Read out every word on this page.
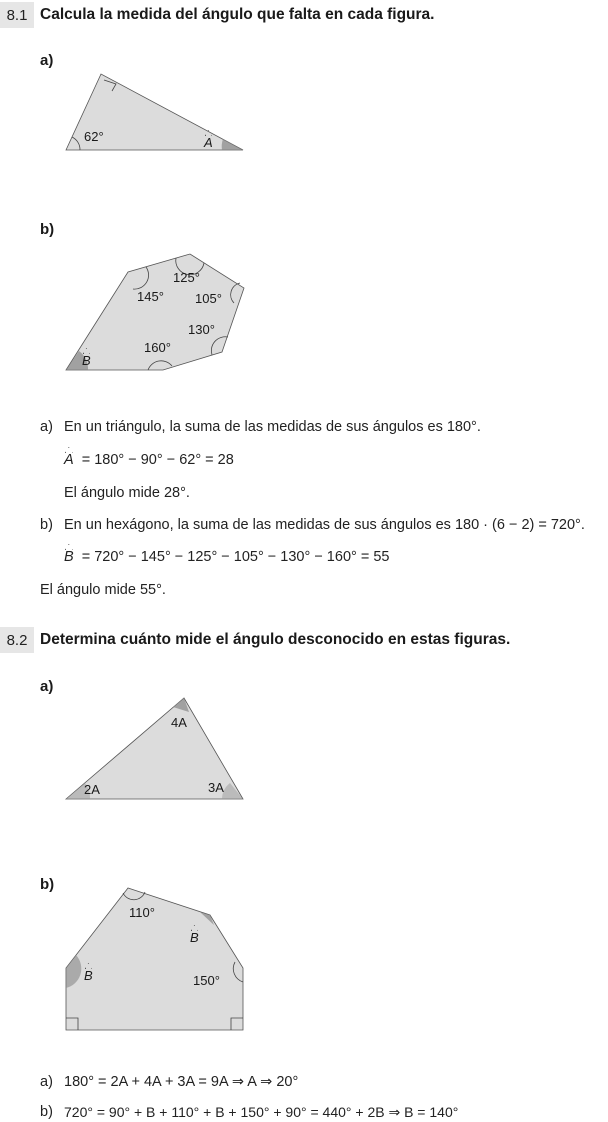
8.1 Calcula la medida del ángulo que falta en cada figura.
a)
62°	A
b)
125°
145° 105°
130°
160°
B
a) En un triángulo, la suma de las medidas de sus ángulos es 180°.
A = 180° − 90° − 62° = 28
El ángulo mide 28°.
b) En un hexágono, la suma de las medidas de sus ángulos es 180 · (6 − 2) = 720°.
B = 720° − 145° − 125° − 105° − 130° − 160° = 55
El ángulo mide 55°.
8.2 Determina cuánto mide el ángulo desconocido en estas figuras.
a)
4A
2A	3A
b)
110°
B
B	150°
a) 180° = 2A + 4A + 3A = 9A ⇒ A ⇒ 20°
b) 720° = 90° + B + 110° + B + 150° + 90° = 440° + 2B ⇒ B = 140°
